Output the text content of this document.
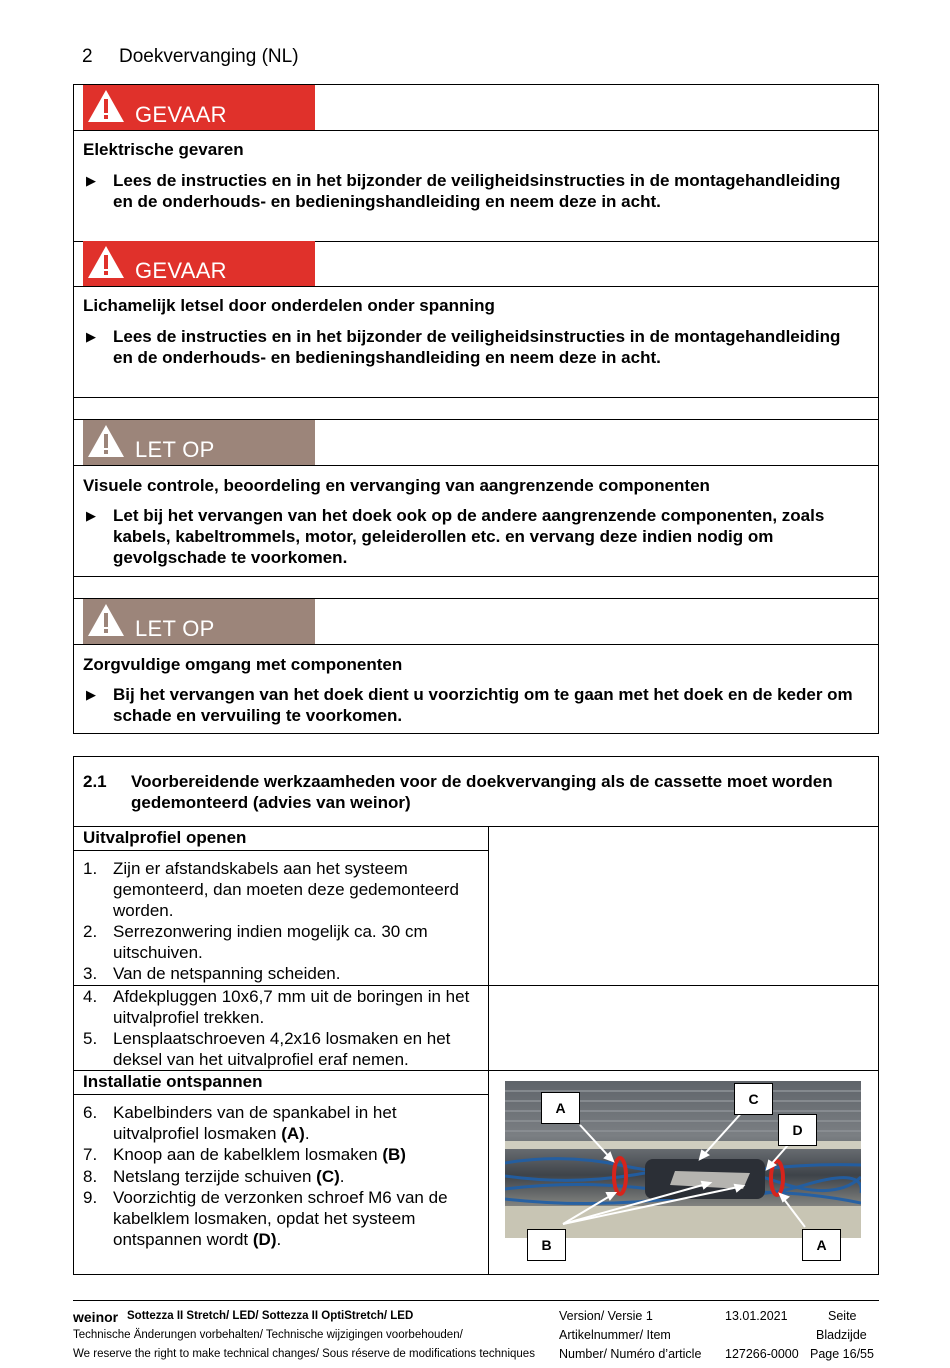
2 Doekvervanging (NL)
GEVAAR
Elektrische gevaren
▶ Lees de instructies en in het bijzonder de veiligheidsinstructies in de montagehandleiding en de onderhouds- en bedieningshandleiding en neem deze in acht.
GEVAAR
Lichamelijk letsel door onderdelen onder spanning
▶ Lees de instructies en in het bijzonder de veiligheidsinstructies in de montagehandleiding en de onderhouds- en bedieningshandleiding en neem deze in acht.
LET OP
Visuele controle, beoordeling en vervanging van aangrenzende componenten
▶ Let bij het vervangen van het doek ook op de andere aangrenzende componenten, zoals kabels, kabeltrommels, motor, geleiderollen etc. en vervang deze indien nodig om gevolgschade te voorkomen.
LET OP
Zorgvuldige omgang met componenten
▶ Bij het vervangen van het doek dient u voorzichtig om te gaan met het doek en de keder om schade en vervuiling te voorkomen.
2.1 Voorbereidende werkzaamheden voor de doekvervanging als de cassette moet worden gedemonteerd (advies van weinor)
Uitvalprofiel openen
1. Zijn er afstandskabels aan het systeem gemonteerd, dan moeten deze gedemonteerd worden.
2. Serrezonwering indien mogelijk ca. 30 cm uitschuiven.
3. Van de netspanning scheiden.
4. Afdekpluggen 10x6,7 mm uit de boringen in het uitvalprofiel trekken.
5. Lensplaatschroeven 4,2x16 losmaken en het deksel van het uitvalprofiel eraf nemen.
Installatie ontspannen
6. Kabelbinders van de spankabel in het uitvalprofiel losmaken (A).
7. Knoop aan de kabelklem losmaken (B)
8. Netslang terzijde schuiven (C).
9. Voorzichtig de verzonken schroef M6 van de kabelklem losmaken, opdat het systeem ontspannen wordt (D).
A
C
D
B	A
weinor Sottezza II Stretch/ LED/ Sottezza II OptiStretch/ LED
Technische Änderungen vorbehalten/ Technische wijzigingen voorbehouden/
We reserve the right to make technical changes/ Sous réserve de modifications techniques
Version/ Versie 1	13.01.2021	Seite
Artikelnummer/ Item	Bladzijde
Number/ Numéro d’article 127266-0000 Page 16/55
